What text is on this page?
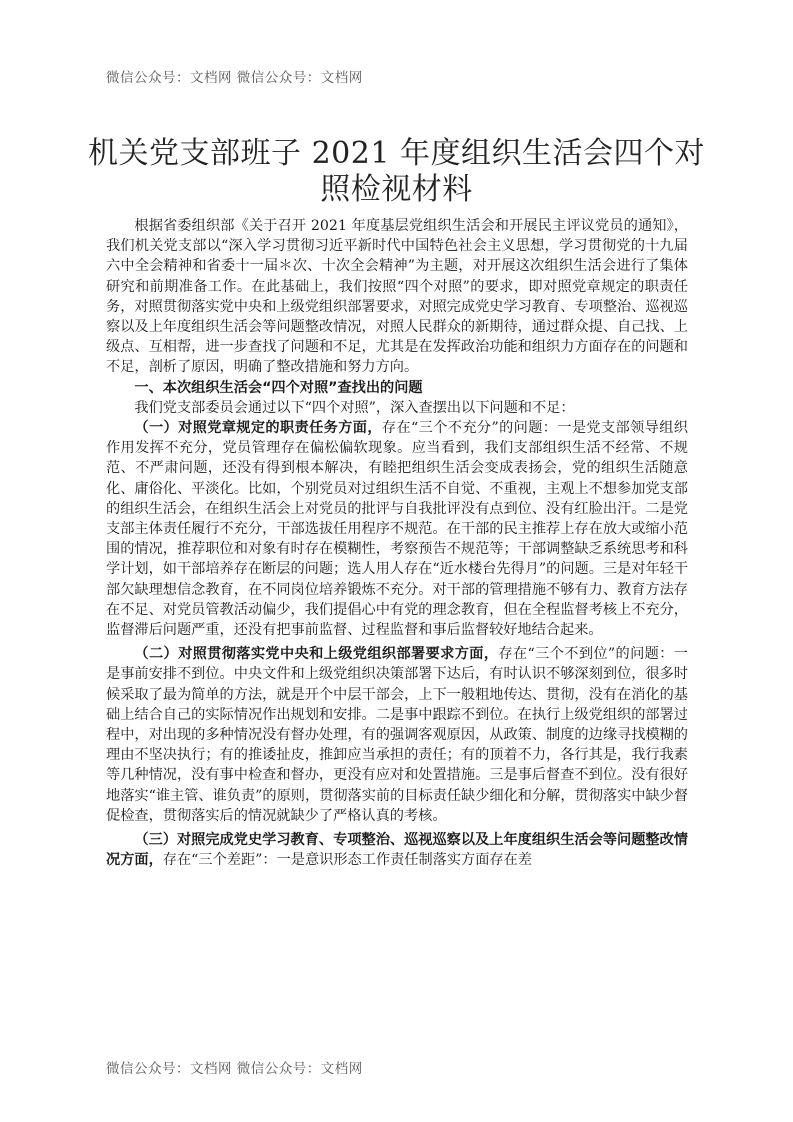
微信公众号：文档网 微信公众号：文档网
机关党支部班子 2021 年度组织生活会四个对
照检视材料

根据省委组织部《关于召开 2021 年度基层党组织生活会和开展民主评议党员的通知》，我们机关党支部以“深入学习贯彻习近平新时代中国特色社会主义思想，学习贯彻党的十九届六中全会精神和省委十一届＊次、十次全会精神”为主题，对开展这次组织生活会进行了集体研究和前期准备工作。在此基础上，我们按照“四个对照”的要求，即对照党章规定的职责任务，对照贯彻落实党中央和上级党组织部署要求，对照完成党史学习教育、专项整治、巡视巡察以及上年度组织生活会等问题整改情况，对照人民群众的新期待，通过群众提、自己找、上级点、互相帮，进一步查找了问题和不足，尤其是在发挥政治功能和组织力方面存在的问题和不足，剖析了原因，明确了整改措施和努力方向。

一、本次组织生活会“四个对照”查找出的问题

我们党支部委员会通过以下“四个对照”，深入查摆出以下问题和不足：

（一）对照党章规定的职责任务方面，存在“三个不充分”的问题：一是党支部领导组织作用发挥不充分，党员管理存在偏松偏软现象。应当看到，我们支部组织生活不经常、不规范、不严肃问题，还没有得到根本解决，有睦把组织生活会变成表扬会，党的组织生活随意化、庸俗化、平淡化。比如，个别党员对过组织生活不自觉、不重视，主观上不想参加党支部的组织生活会，在组织生活会上对党员的批评与自我批评没有点到位、没有红脸出汗。二是党支部主体责任履行不充分，干部选拔任用程序不规范。在干部的民主推荐上存在放大或缩小范围的情况，推荐职位和对象有时存在模糊性，考察预告不规范等；干部调整缺乏系统思考和科学计划，如干部培养存在断层的问题；选人用人存在“近水楼台先得月”的问题。三是对年轻干部欠缺理想信念教育，在不同岗位培养锻炼不充分。对干部的管理措施不够有力、教育方法存在不足、对党员管教活动偏少，我们提倡心中有党的理念教育，但在全程监督考核上不充分，监督滞后问题严重，还没有把事前监督、过程监督和事后监督较好地结合起来。

（二）对照贯彻落实党中央和上级党组织部署要求方面，存在“三个不到位”的问题：一是事前安排不到位。中央文件和上级党组织决策部署下达后，有时认识不够深刻到位，很多时候采取了最为简单的方法，就是开个中层干部会，上下一般粗地传达、贯彻，没有在消化的基础上结合自己的实际情况作出规划和安排。二是事中跟踪不到位。在执行上级党组织的部署过程中，对出现的多种情况没有督办处理，有的强调客观原因，从政策、制度的边缘寻找模糊的理由不坚决执行；有的推诿扯皮，推卸应当承担的责任；有的顶着不力，各行其是，我行我素等几种情况，没有事中检查和督办，更没有应对和处置措施。三是事后督查不到位。没有很好地落实“谁主管、谁负责”的原则，贯彻落实前的目标责任缺少细化和分解，贯彻落实中缺少督促检查，贯彻落实后的情况就缺少了严格认真的考核。

（三）对照完成党史学习教育、专项整治、巡视巡察以及上年度组织生活会等问题整改情况方面，存在“三个差距”：一是意识形态工作责任制落实方面存在差

微信公众号：文档网 微信公众号：文档网
